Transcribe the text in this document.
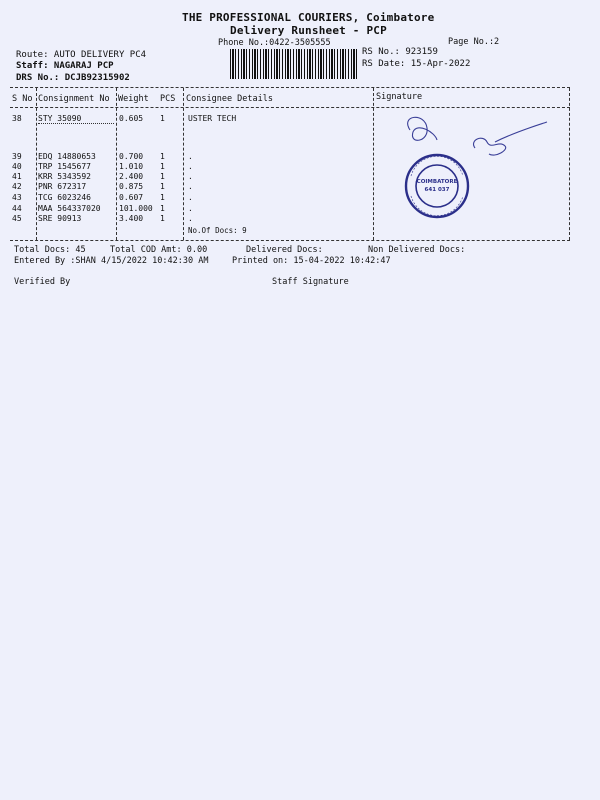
THE PROFESSIONAL COURIERS, Coimbatore
Delivery Runsheet - PCP
Phone No.:0422-3505555	Page No.:2
Route: AUTO DELIVERY PC4
Staff: NAGARAJ PCP
DRS No.: DCJB92315902
RS No.: 923159
RS Date: 15-Apr-2022
S No Consignment No Weight PCS Consignee Details	Signature
38 STY 35090	0.605 1	USTER TECH
39 EDQ 14880653	0.700 1	.
40 TRP 1545677	1.010 1	.
41 KRR 5343592	2.400 1	.
42 PNR 672317	0.875 1	.
43 TCG 6023246	0.607 1	.
44 MAA 564337020 101.000 1	.
45 SRE 90913	3.400 1	.
No.Of Docs: 9
COIMBATORE
641 037
Total Docs: 45	Total COD Amt: 0.00	Delivered Docs:	Non Delivered Docs:
Entered By :SHAN 4/15/2022 10:42:30 AM	Printed on: 15-04-2022 10:42:47
Verified By	Staff Signature
